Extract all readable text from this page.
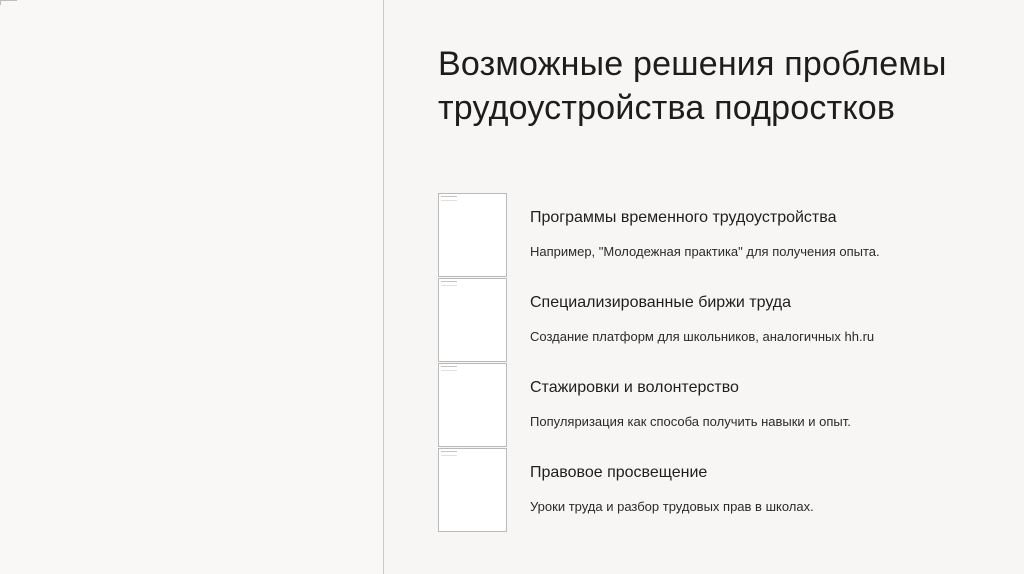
Возможные решения проблемы
трудоустройства подростков
Программы временного трудоустройства
Например, "Молодежная практика" для получения опыта.
Специализированные биржи труда
Создание платформ для школьников, аналогичных hh.ru
Стажировки и волонтерство
Популяризация как способа получить навыки и опыт.
Правовое просвещение
Уроки труда и разбор трудовых прав в школах.
